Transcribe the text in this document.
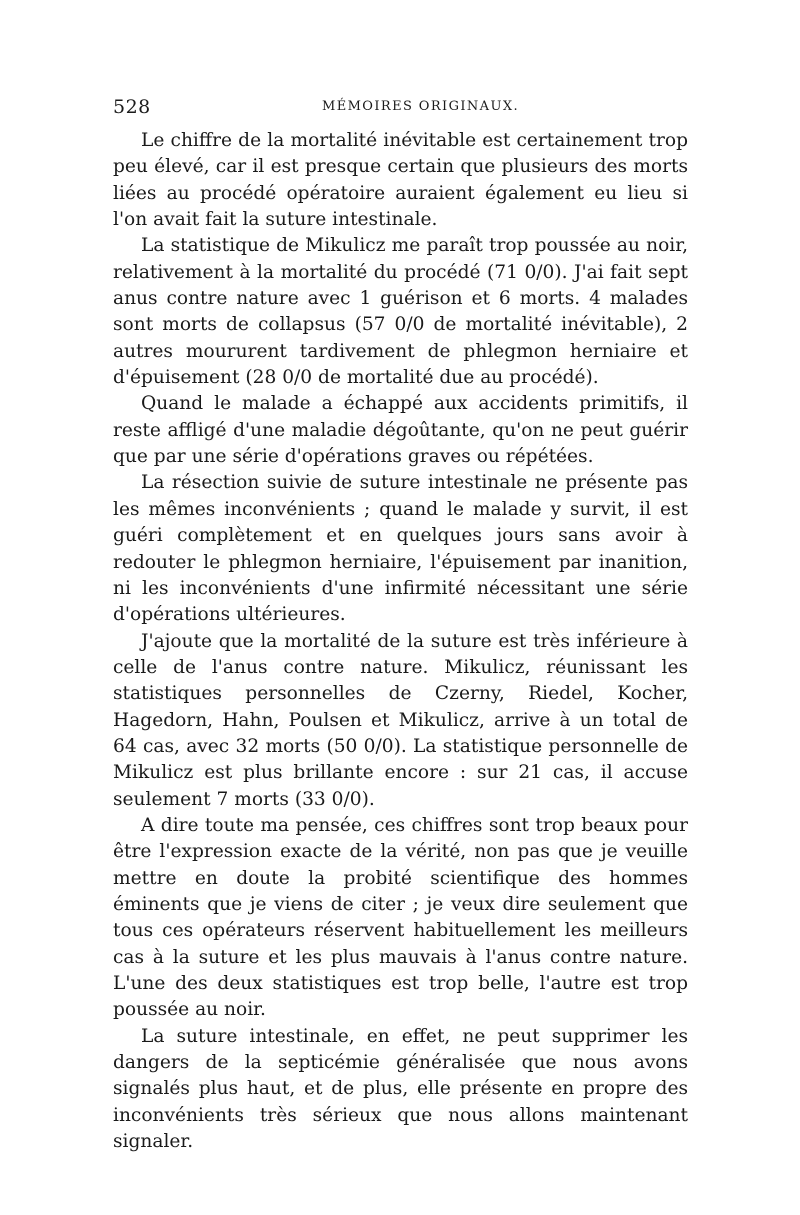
528	MÉMOIRES ORIGINAUX.

Le chiffre de la mortalité inévitable est certainement trop peu élevé, car il est presque certain que plusieurs des morts liées au procédé opératoire auraient également eu lieu si l'on avait fait la suture intestinale.

La statistique de Mikulicz me paraît trop poussée au noir, relativement à la mortalité du procédé (71 0/0). J'ai fait sept anus contre nature avec 1 guérison et 6 morts. 4 malades sont morts de collapsus (57 0/0 de mortalité inévitable), 2 autres moururent tardivement de phlegmon herniaire et d'épuisement (28 0/0 de mortalité due au procédé).

Quand le malade a échappé aux accidents primitifs, il reste affligé d'une maladie dégoûtante, qu'on ne peut guérir que par une série d'opérations graves ou répétées.

La résection suivie de suture intestinale ne présente pas les mêmes inconvénients ; quand le malade y survit, il est guéri complètement et en quelques jours sans avoir à redouter le phlegmon herniaire, l'épuisement par inanition, ni les inconvénients d'une infirmité nécessitant une série d'opérations ultérieures.

J'ajoute que la mortalité de la suture est très inférieure à celle de l'anus contre nature. Mikulicz, réunissant les statistiques personnelles de Czerny, Riedel, Kocher, Hagedorn, Hahn, Poulsen et Mikulicz, arrive à un total de 64 cas, avec 32 morts (50 0/0). La statistique personnelle de Mikulicz est plus brillante encore : sur 21 cas, il accuse seulement 7 morts (33 0/0).

A dire toute ma pensée, ces chiffres sont trop beaux pour être l'expression exacte de la vérité, non pas que je veuille mettre en doute la probité scientifique des hommes éminents que je viens de citer ; je veux dire seulement que tous ces opérateurs réservent habituellement les meilleurs cas à la suture et les plus mauvais à l'anus contre nature. L'une des deux statistiques est trop belle, l'autre est trop poussée au noir.

La suture intestinale, en effet, ne peut supprimer les dangers de la septicémie généralisée que nous avons signalés plus haut, et de plus, elle présente en propre des inconvénients très sérieux que nous allons maintenant signaler.
